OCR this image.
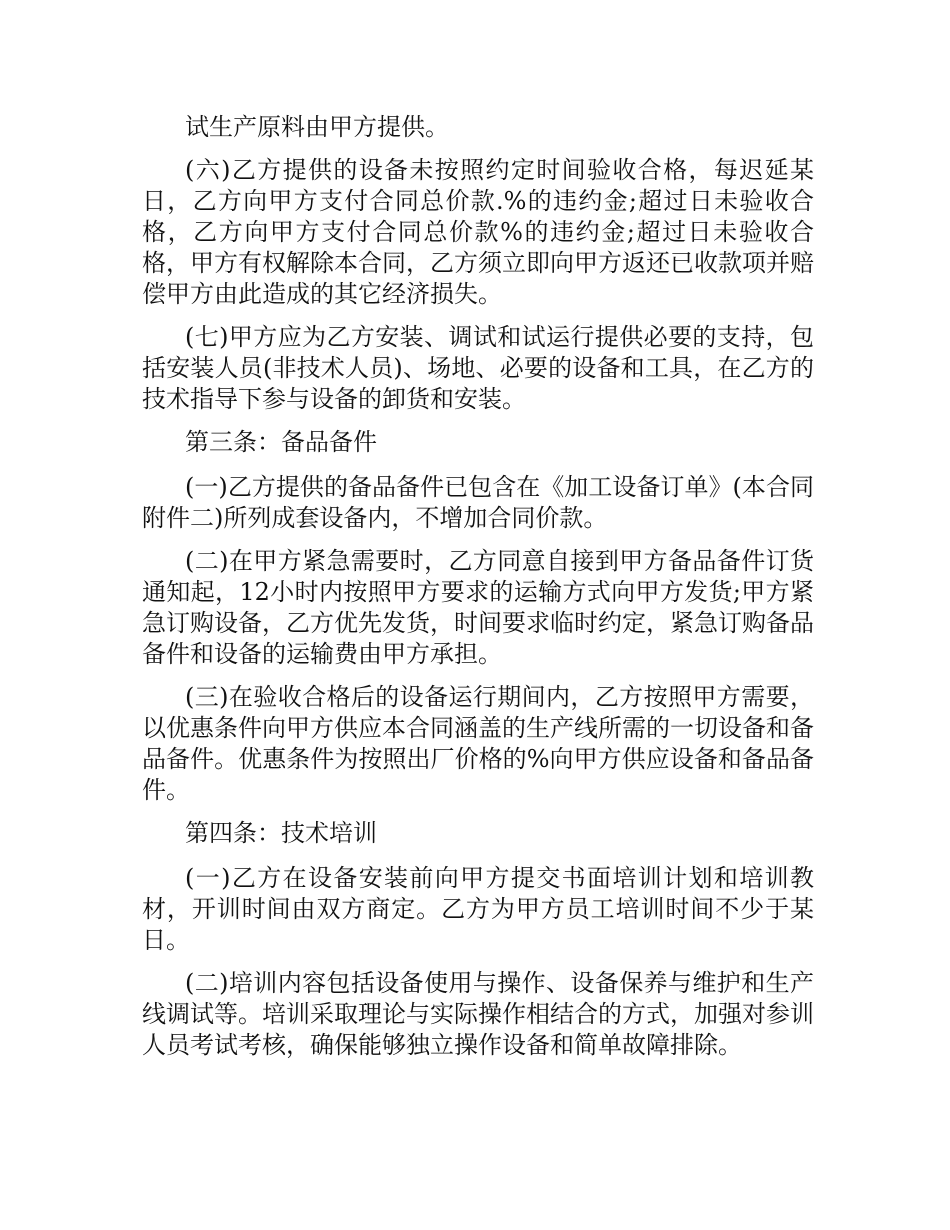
试生产原料由甲方提供。

(六)乙方提供的设备未按照约定时间验收合格，每迟延某日，乙方向甲方支付合同总价款.%的违约金;超过日未验收合格，乙方向甲方支付合同总价款%的违约金;超过日未验收合格，甲方有权解除本合同，乙方须立即向甲方返还已收款项并赔偿甲方由此造成的其它经济损失。

(七)甲方应为乙方安装、调试和试运行提供必要的支持，包括安装人员(非技术人员)、场地、必要的设备和工具，在乙方的技术指导下参与设备的卸货和安装。

第三条：备品备件

(一)乙方提供的备品备件已包含在《加工设备订单》(本合同附件二)所列成套设备内，不增加合同价款。

(二)在甲方紧急需要时，乙方同意自接到甲方备品备件订货通知起，12小时内按照甲方要求的运输方式向甲方发货;甲方紧急订购设备，乙方优先发货，时间要求临时约定，紧急订购备品备件和设备的运输费由甲方承担。

(三)在验收合格后的设备运行期间内，乙方按照甲方需要，以优惠条件向甲方供应本合同涵盖的生产线所需的一切设备和备品备件。优惠条件为按照出厂价格的%向甲方供应设备和备品备件。

第四条：技术培训

(一)乙方在设备安装前向甲方提交书面培训计划和培训教材，开训时间由双方商定。乙方为甲方员工培训时间不少于某日。

(二)培训内容包括设备使用与操作、设备保养与维护和生产线调试等。培训采取理论与实际操作相结合的方式，加强对参训人员考试考核，确保能够独立操作设备和简单故障排除。
